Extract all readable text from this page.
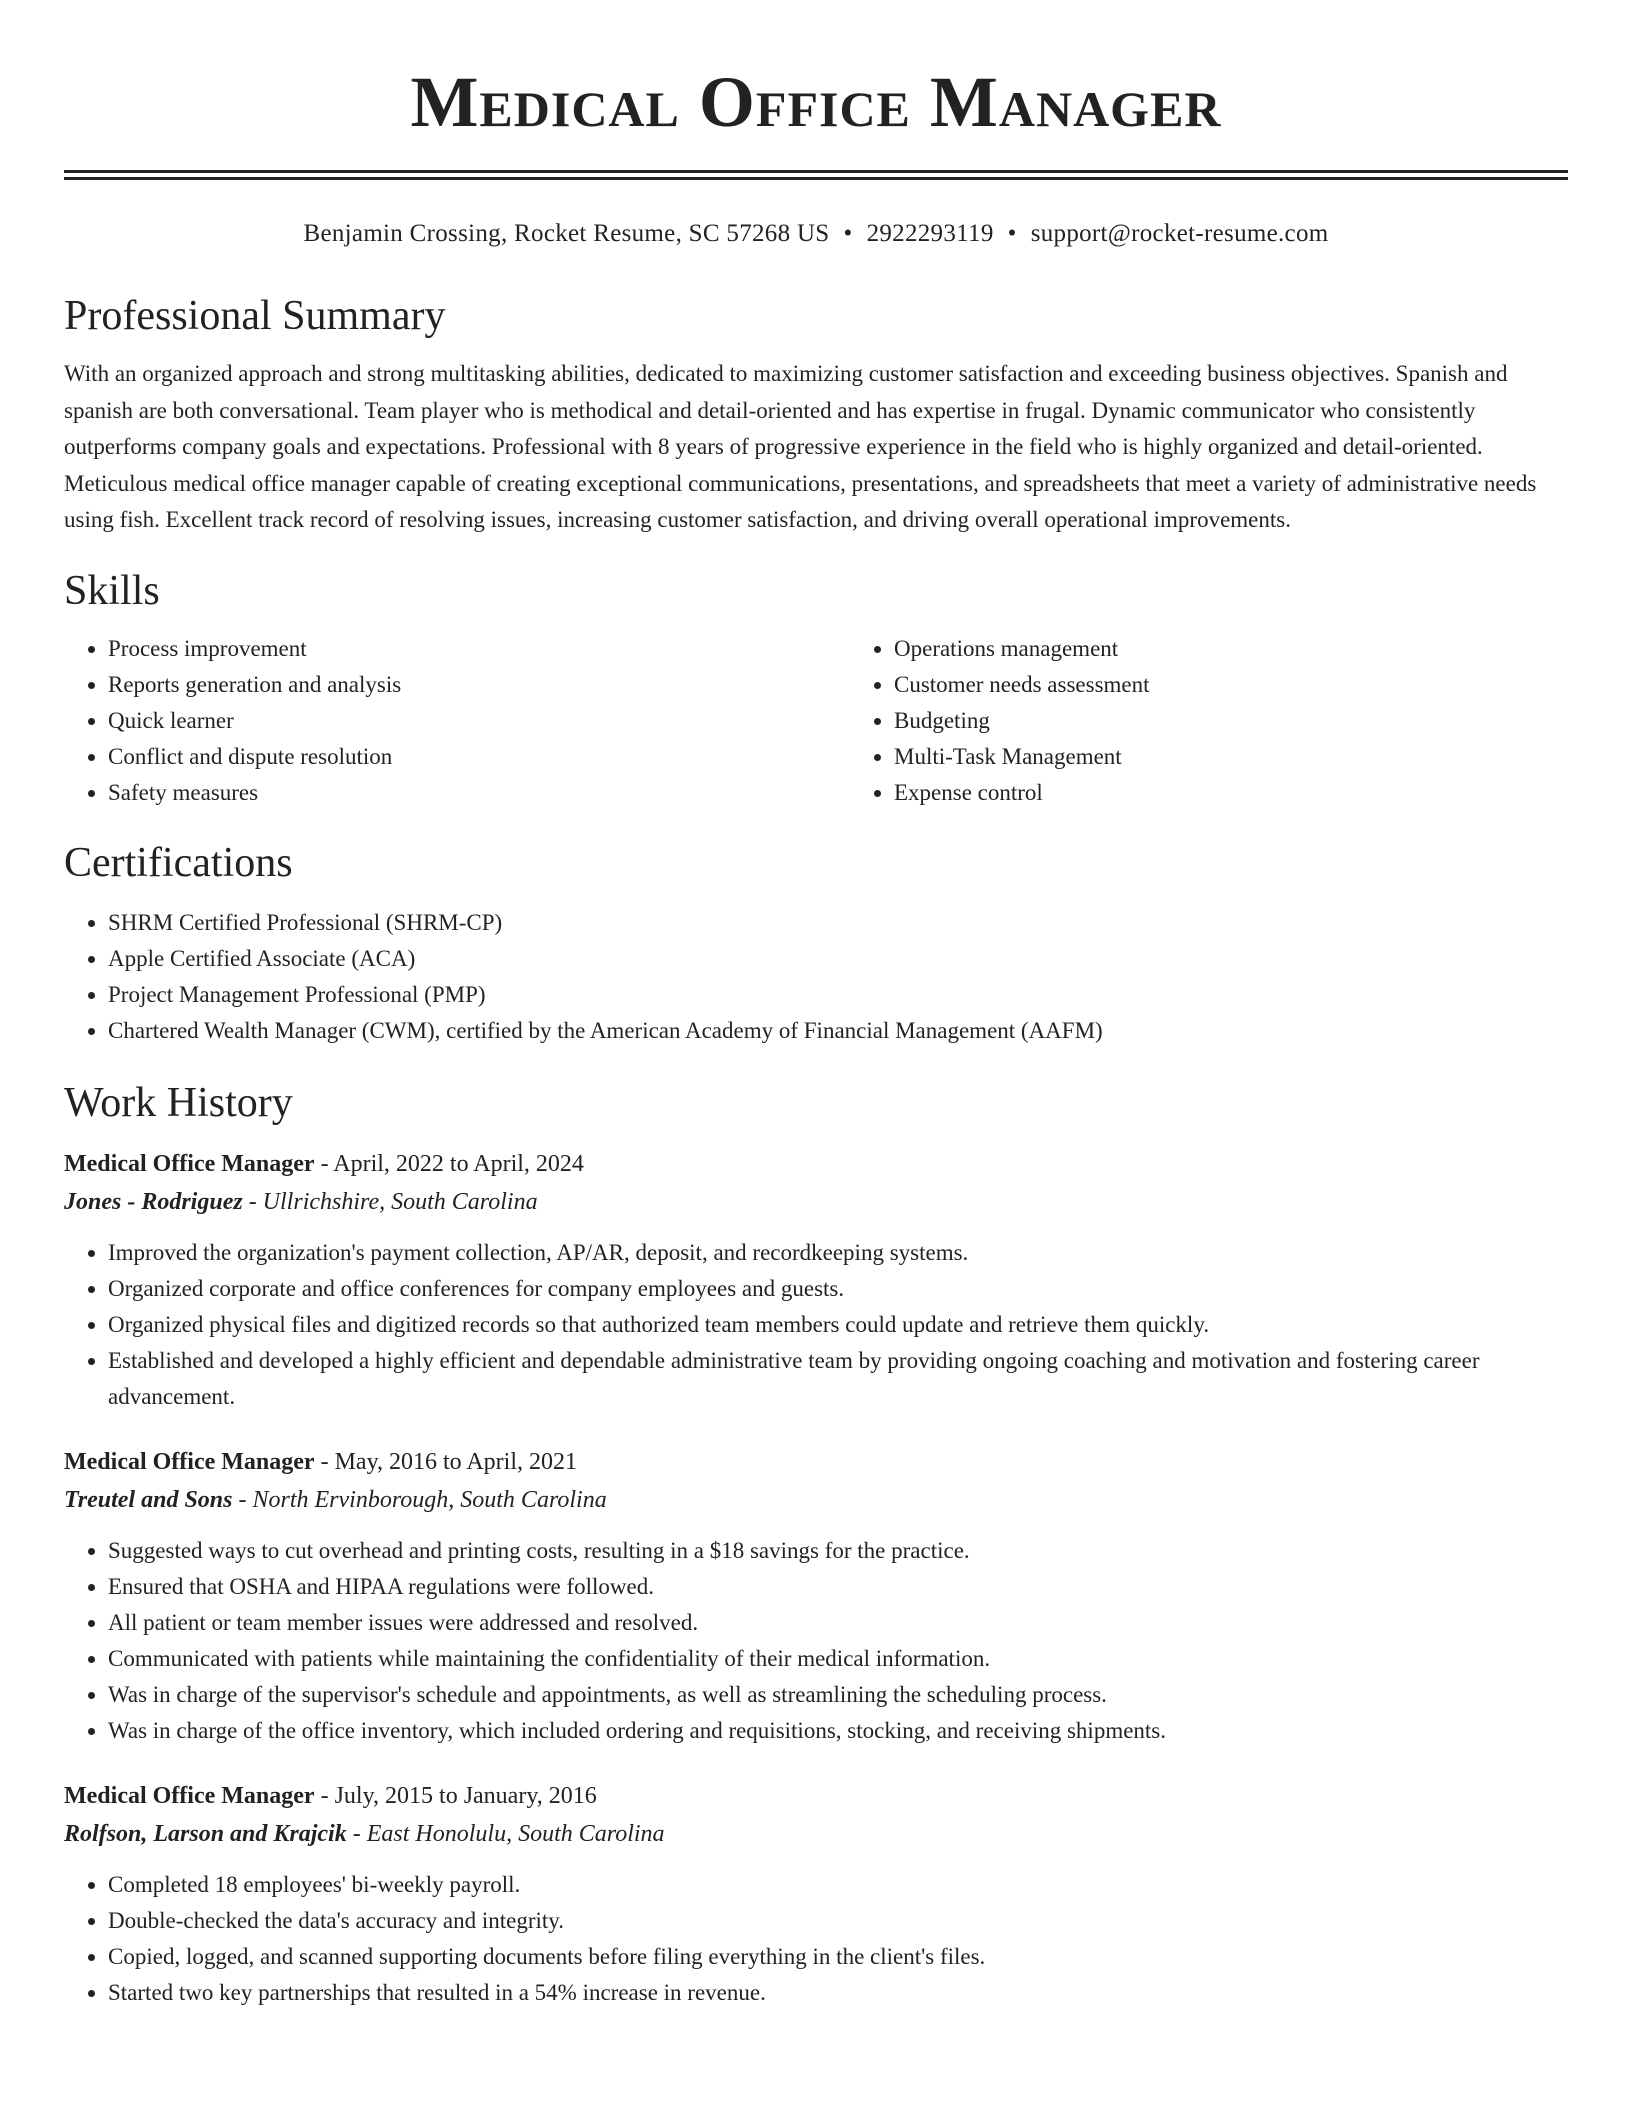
Medical Office Manager
Benjamin Crossing, Rocket Resume, SC 57268 US • 2922293119 • support@rocket-resume.com
Professional Summary

With an organized approach and strong multitasking abilities, dedicated to maximizing customer satisfaction and exceeding business objectives. Spanish and spanish are both conversational. Team player who is methodical and detail-oriented and has expertise in frugal. Dynamic communicator who consistently outperforms company goals and expectations. Professional with 8 years of progressive experience in the field who is highly organized and detail-oriented. Meticulous medical office manager capable of creating exceptional communications, presentations, and spreadsheets that meet a variety of administrative needs using fish. Excellent track record of resolving issues, increasing customer satisfaction, and driving overall operational improvements.

Skills
• Process improvement
• Reports generation and analysis
• Quick learner
• Conflict and dispute resolution
• Safety measures
• Operations management
• Customer needs assessment
• Budgeting
• Multi-Task Management
• Expense control
Certifications
• SHRM Certified Professional (SHRM-CP)
• Apple Certified Associate (ACA)
• Project Management Professional (PMP)
• Chartered Wealth Manager (CWM), certified by the American Academy of Financial Management (AAFM)
Work History
Medical Office Manager - April, 2022 to April, 2024
Jones - Rodriguez - Ullrichshire, South Carolina
• Improved the organization's payment collection, AP/AR, deposit, and recordkeeping systems.
• Organized corporate and office conferences for company employees and guests.
• Organized physical files and digitized records so that authorized team members could update and retrieve them quickly.
• Established and developed a highly efficient and dependable administrative team by providing ongoing coaching and motivation and fostering career advancement.
Medical Office Manager - May, 2016 to April, 2021
Treutel and Sons - North Ervinborough, South Carolina
• Suggested ways to cut overhead and printing costs, resulting in a $18 savings for the practice.
• Ensured that OSHA and HIPAA regulations were followed.
• All patient or team member issues were addressed and resolved.
• Communicated with patients while maintaining the confidentiality of their medical information.
• Was in charge of the supervisor's schedule and appointments, as well as streamlining the scheduling process.
• Was in charge of the office inventory, which included ordering and requisitions, stocking, and receiving shipments.
Medical Office Manager - July, 2015 to January, 2016
Rolfson, Larson and Krajcik - East Honolulu, South Carolina
• Completed 18 employees' bi-weekly payroll.
• Double-checked the data's accuracy and integrity.
• Copied, logged, and scanned supporting documents before filing everything in the client's files.
• Started two key partnerships that resulted in a 54% increase in revenue.
